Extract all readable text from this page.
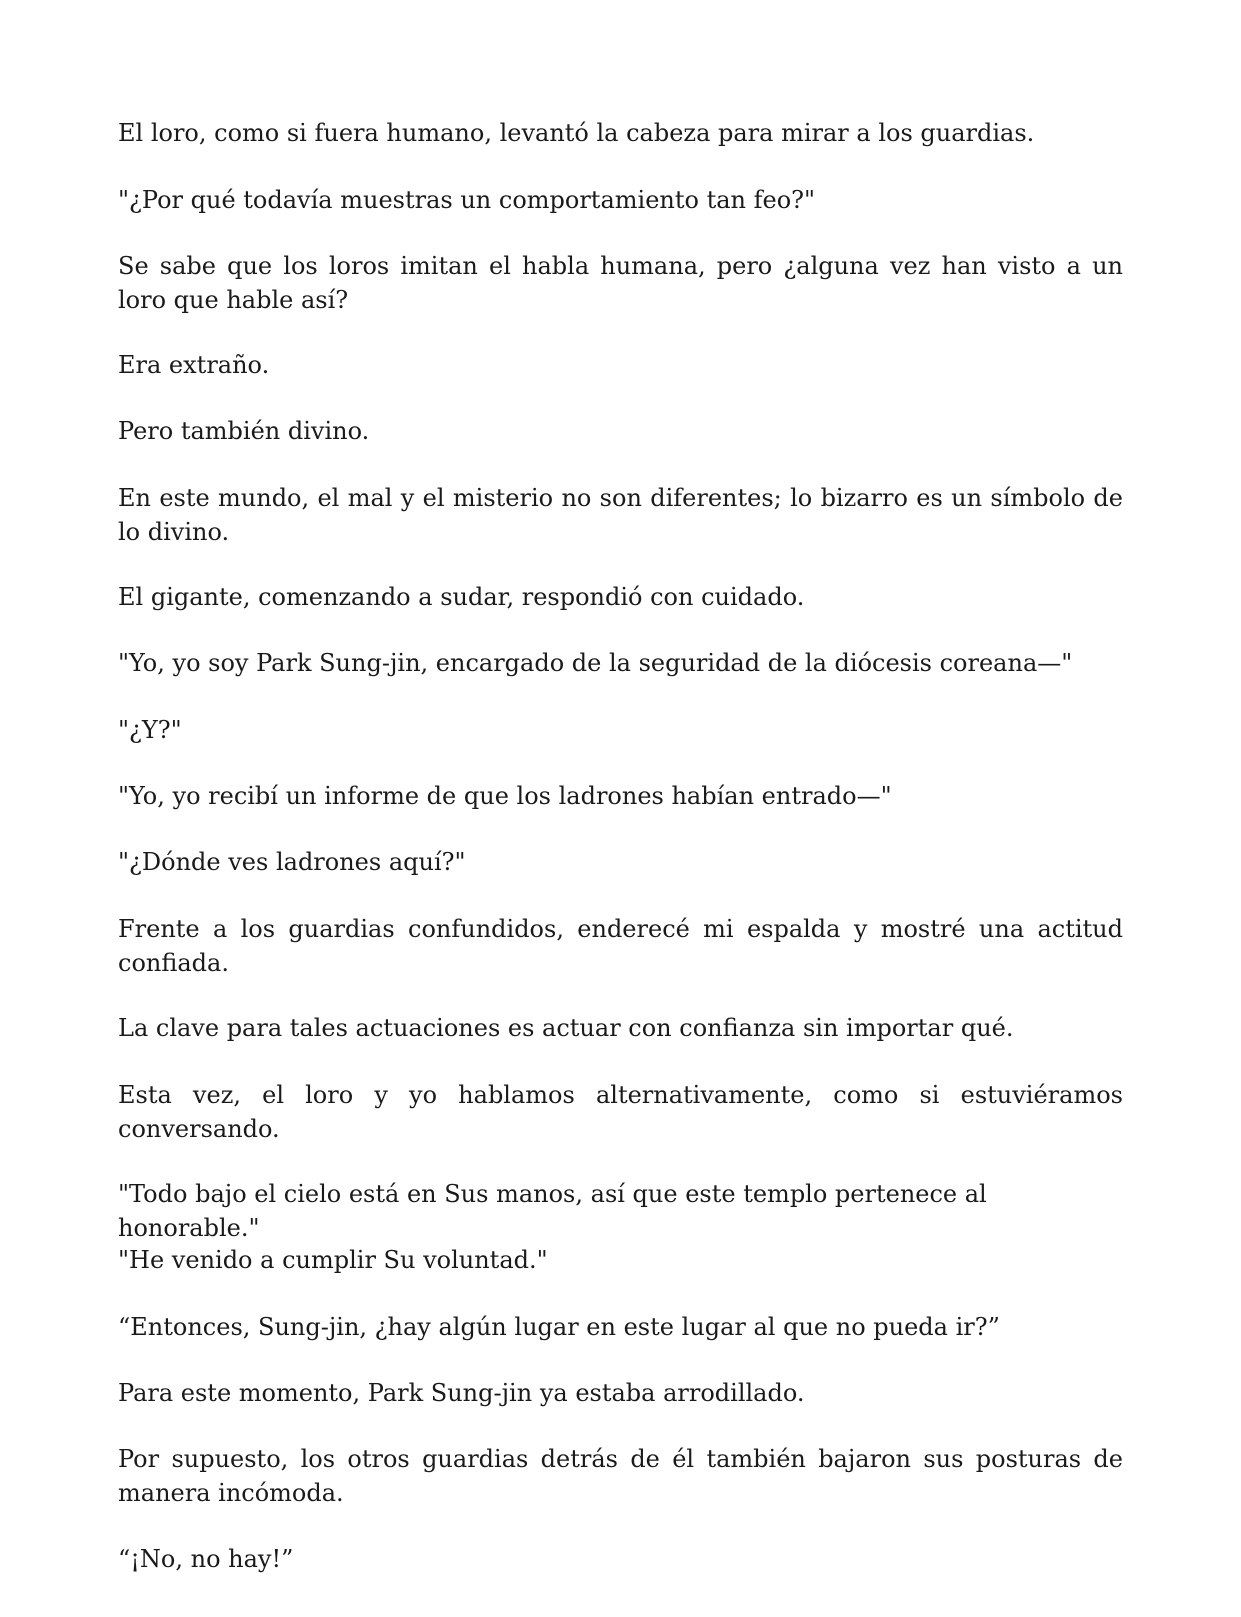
El loro, como si fuera humano, levantó la cabeza para mirar a los guardias.

"¿Por qué todavía muestras un comportamiento tan feo?"

Se sabe que los loros imitan el habla humana, pero ¿alguna vez han visto a un loro que hable así?

Era extraño.

Pero también divino.

En este mundo, el mal y el misterio no son diferentes; lo bizarro es un símbolo de lo divino.

El gigante, comenzando a sudar, respondió con cuidado.

"Yo, yo soy Park Sung-jin, encargado de la seguridad de la diócesis coreana—"

"¿Y?"

"Yo, yo recibí un informe de que los ladrones habían entrado—"

"¿Dónde ves ladrones aquí?"

Frente a los guardias confundidos, enderecé mi espalda y mostré una actitud confiada.

La clave para tales actuaciones es actuar con confianza sin importar qué.

Esta vez, el loro y yo hablamos alternativamente, como si estuviéramos conversando.

"Todo bajo el cielo está en Sus manos, así que este templo pertenece al honorable."

"He venido a cumplir Su voluntad."

“Entonces, Sung-jin, ¿hay algún lugar en este lugar al que no pueda ir?”

Para este momento, Park Sung-jin ya estaba arrodillado.

Por supuesto, los otros guardias detrás de él también bajaron sus posturas de manera incómoda.

“¡No, no hay!”
